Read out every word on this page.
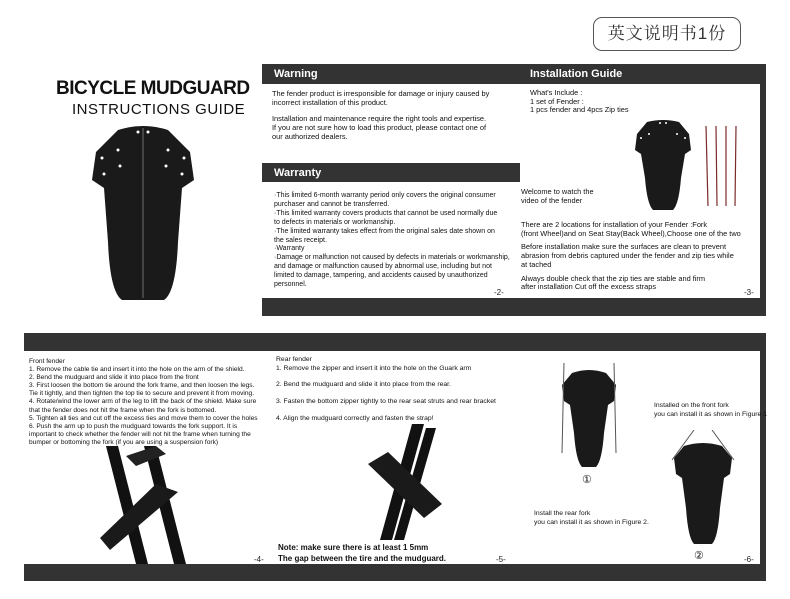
英文说明书1份
Warning	Installation Guide
BICYCLE MUDGUARD
INSTRUCTIONS GUIDE

The fender product is irresponsible for damage or injury caused by
incorrect installation of this product.

Installation and maintenance require the right tools and expertise.
If you are not sure how to load this product, please contact one of
our authorized dealers.

Warranty

·This limited 6-month warranty period only covers the original consumer
purchaser and cannot be transferred.
·This limited warranty covers products that cannot be used normally due
to defects in materials or workmanship.
·The limited warranty takes effect from the original sales date shown on
the sales receipt.
·Warranty
·Damage or malfunction not caused by defects in materials or workmanship,
and damage or malfunction caused by abnormal use, including but not
limited to damage, tampering, and accidents caused by unauthorized
personnel.

-2-

What's Include :
1 set of Fender :
1 pcs fender and 4pcs Zip ties

Welcome to watch the
video of the fender

There are 2 locations for installation of your Fender :Fork
(front Wheel)and on Seat Stay(Back Wheel),Choose one of the two

Before installation make sure the surfaces are clean to prevent
abrasion from debris captured under the fender and zip ties while
at tached

Always double check that the zip ties are stable and firm
after installation Cut off the excess straps

-3-

Front fender
1. Remove the cable tie and insert it into the hole on the arm of the shield.
2. Bend the mudguard and slide it into place from the front
3. First loosen the bottom tie around the fork frame, and then loosen the legs.
Tie it tightly, and then tighten the top tie to secure and prevent it from moving.
4. Rotate/wind the lower arm of the leg to lift the back of the shield. Make sure
that the fender does not hit the frame when the fork is bottomed.
5. Tighten all ties and cut off the excess ties and move them to cover the holes
6. Push the arm up to push the mudguard towards the fork support. It is
important to check whether the fender will not hit the frame when turning the
bumper or bottoming the fork (if you are using a suspension fork)

-4-

Rear fender

1. Remove the zipper and insert it into the hole on the Guark arm

2. Bend the mudguard and slide it into place from the rear.

3. Fasten the bottom zipper tightly to the rear seat struts and rear bracket

4. Align the mudguard correctly and fasten the strap!

Note: make sure there is at least 1 5mm

The gap between the tire and the mudguard.	-5-
①

Installed on the front fork
you can install it as shown in Figure 1

②

Install the rear fork
you can install it as shown in Figure 2.

-6-
